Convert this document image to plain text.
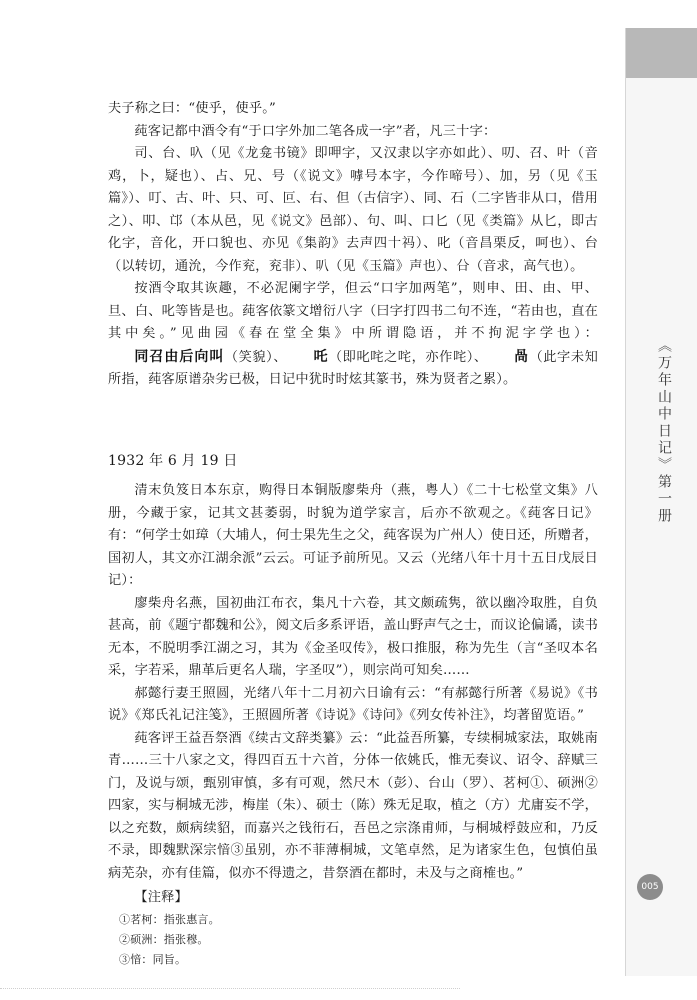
夫子称之曰：“使乎，使乎。”

莼客记都中酒令有“于口字外加二笔各成一字”者，凡三十字：

司、台、叺（见《龙龛书镜》即呷字，又汉隶以字亦如此）、叨、召、叶（音鸡，卜，疑也）、占、兄、号（《说文》嘑号本字，今作啼号）、加，另（见《玉篇》）、叮、古、叶、只、可、叵、右、但（古信字）、同、石（二字皆非从口，借用之）、叩、邙（本从邑，见《说文》邑部）、句、叫、口匕（见《类篇》从匕，即古化字，音化，开口貌也、亦见《集韵》去声四十祃）、叱（音昌栗反，呵也）、台（以转切，通沇，今作兖，兖非）、叭（见《玉篇》声也）、㕣（音求，高气也）。

按酒令取其诙趣，不必泥阑字学，但云“口字加两笔”，则申、田、由、甲、旦、白、叱等皆是也。莼客依篆文增衍八字（曰字打四书二句不连，“若由也，直在其中矣。”见曲园《春在堂全集》中所谓隐语，并不拘泥字学也）：同召由后向叫（笑貌）、 吒（即叱咤之咤，亦作咤）、 咼（此字未知所指，莼客原谱杂劣已极，日记中犹时时炫其篆书，殊为贤者之累）。

1932 年 6 月 19 日

清末负笈日本东京，购得日本铜版廖柴舟（燕，粤人）《二十七松堂文集》八册，今藏于家，记其文甚萎弱，时貌为道学家言，后亦不欲观之。《莼客日记》有：“何学士如璋（大埔人，何士果先生之父，莼客误为广州人）使日还，所赠者，国初人，其文亦江湖余派”云云。可证予前所见。又云（光绪八年十月十五日戊辰日记）：

廖柴舟名燕，国初曲江布衣，集凡十六卷，其文颇疏隽，欲以幽冷取胜，自负甚高，前《题宁都魏和公》，阅文后多系评语，盖山野声气之士，而议论偏谲，读书无本，不脱明季江湖之习，其为《金圣叹传》，极口推服，称为先生（言“圣叹本名采，字若采，鼎革后更名人瑞，字圣叹”），则宗尚可知矣……

郝懿行妻王照圆，光绪八年十二月初六日谕有云：“有郝懿行所著《易说》《书说》《郑氏礼记注笺》，王照圆所著《诗说》《诗问》《列女传补注》，均著留览语。”

莼客评王益吾祭酒《续古文辞类纂》云：“此益吾所纂，专续桐城家法，取姚南青……三十八家之文，得四百五十六首，分体一依姚氏，惟无奏议、诏令、辞赋三门，及说与颂，甄别审慎，多有可观，然尺木（彭）、台山（罗）、茗柯①、硕洲②四家，实与桐城无涉，梅崖（朱）、硕士（陈）殊无足取，植之（方）尤庸妄不学，以之充数，颇病续貂，而嘉兴之钱衎石，吾邑之宗涤甫师，与桐城桴鼓应和，乃反不录，即魏默深宗愔③虽别，亦不菲薄桐城，文笔卓然，足为诸家生色，包慎伯虽病芜杂，亦有佳篇，似亦不得遗之，昔祭酒在都时，未及与之商榷也。”

【注释】

①茗柯：指张惠言。

②硕洲：指张穆。

③愔：同旨。

《万年山中日记》第一册
005
